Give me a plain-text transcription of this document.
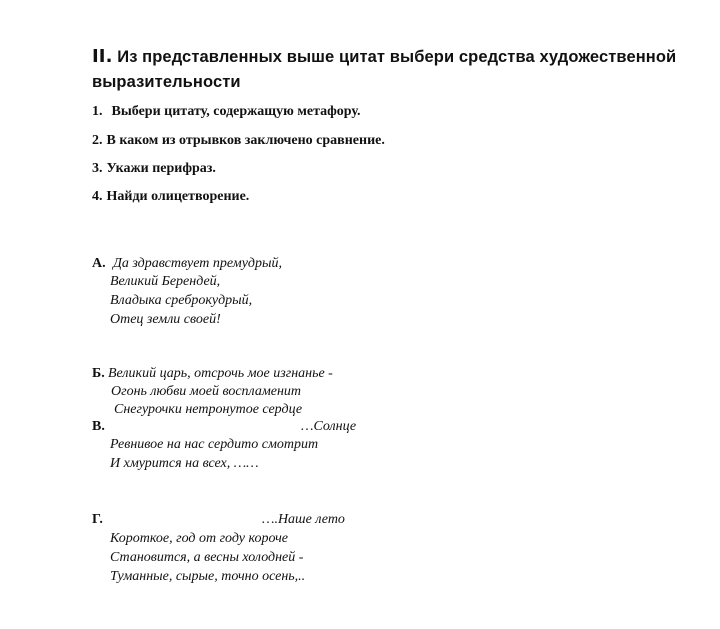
II. Из представленных выше цитат выбери средства художественной выразительности
1. Выбери цитату, содержащую метафору.
2. В каком из отрывков заключено сравнение.
3. Укажи перифраз.
4. Найди олицетворение.
А. Да здравствует премудрый,
Великий Берендей,
Владыка среброкудрый,
Отец земли своей!
Б. Великий царь, отсрочь мое изгнанье -
Огонь любви моей воспламенит
Снегурочки нетронутое сердце
В.	…Солнце
Ревнивое на нас сердито смотрит
И хмурится на всех, ……
Г.	….Наше лето
Короткое, год от году короче
Становится, а весны холодней -
Туманные, сырые, точно осень,..
